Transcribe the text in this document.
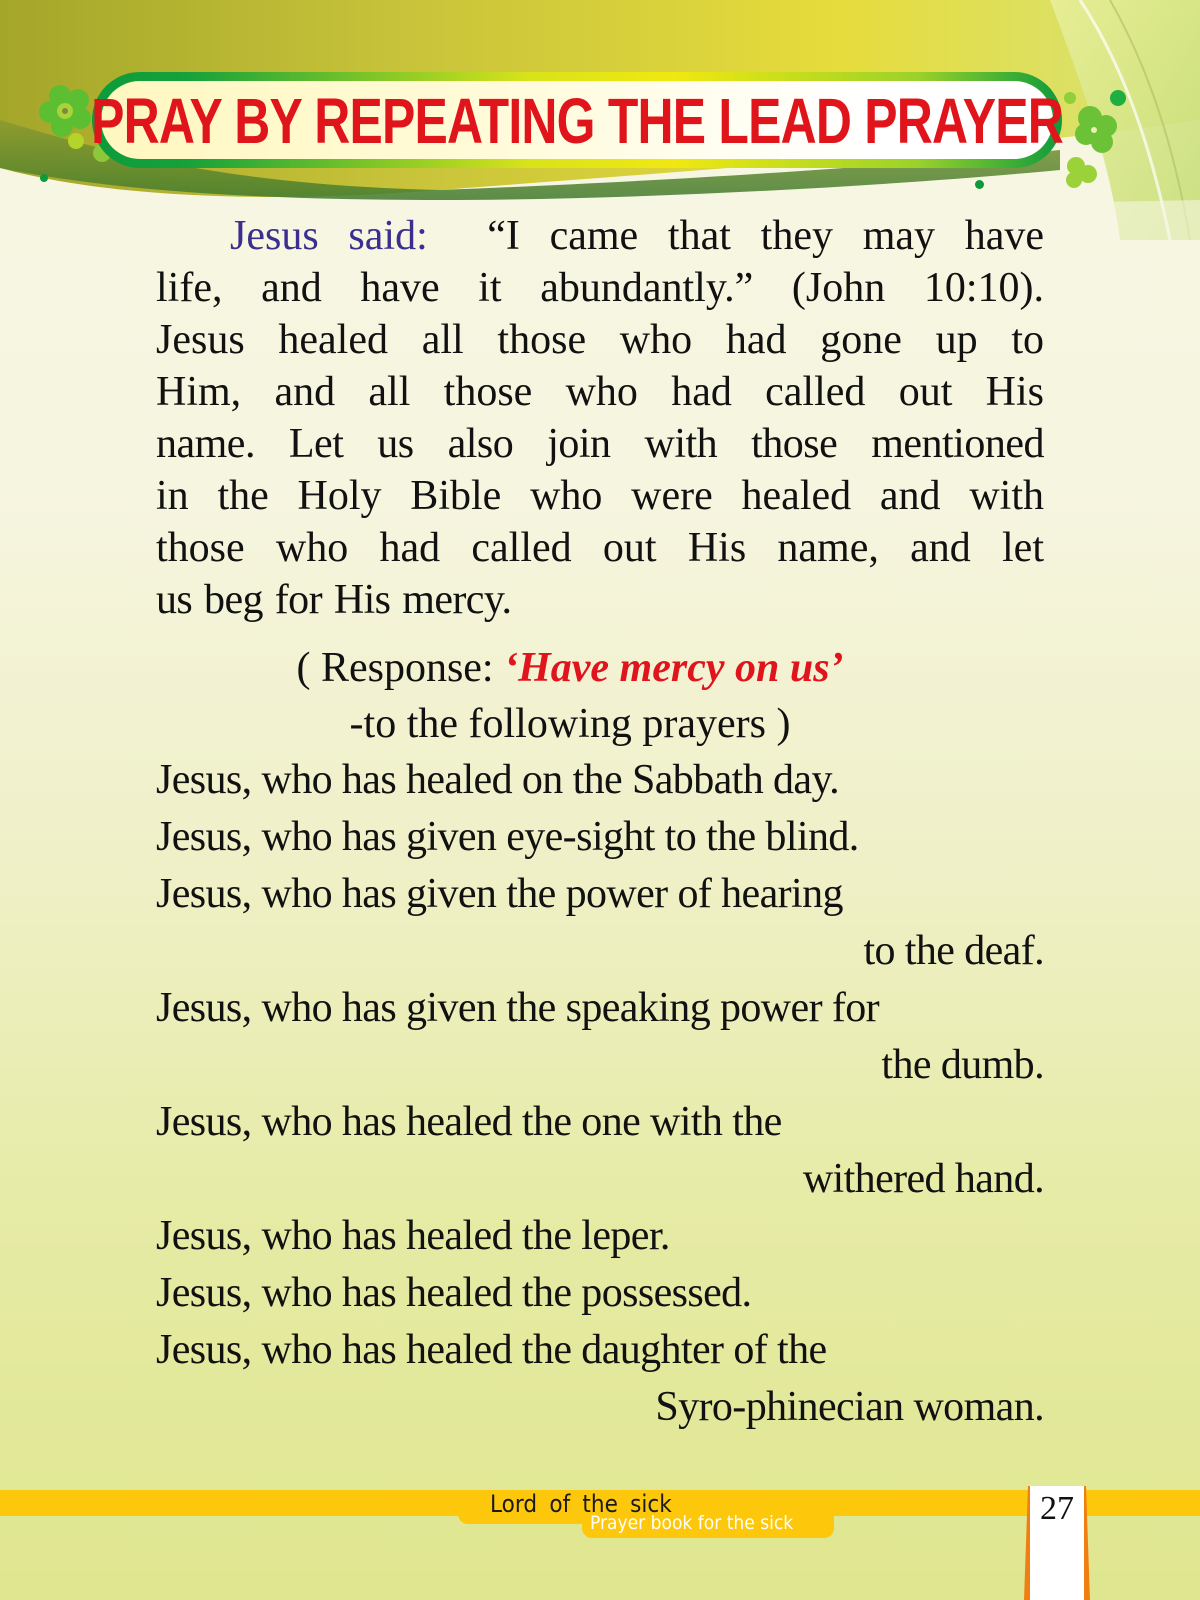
PRAY BY REPEATING THE LEAD PRAYER
Jesus said: “I came that they may have
life, and have it abundantly.” (John 10:10).
Jesus healed all those who had gone up to
Him, and all those who had called out His
name. Let us also join with those mentioned
in the Holy Bible who were healed and with
those who had called out His name, and let
us beg for His mercy.
( Response: ‘Have mercy on us’
-to the following prayers )
Jesus, who has healed on the Sabbath day.
Jesus, who has given eye-sight to the blind.
Jesus, who has given the power of hearing
to the deaf.
Jesus, who has given the speaking power for
the dumb.
Jesus, who has healed the one with the
withered hand.
Jesus, who has healed the leper.
Jesus, who has healed the possessed.
Jesus, who has healed the daughter of the
Syro-phinecian woman.
Lord of the sick
Prayer book for the sick	27
